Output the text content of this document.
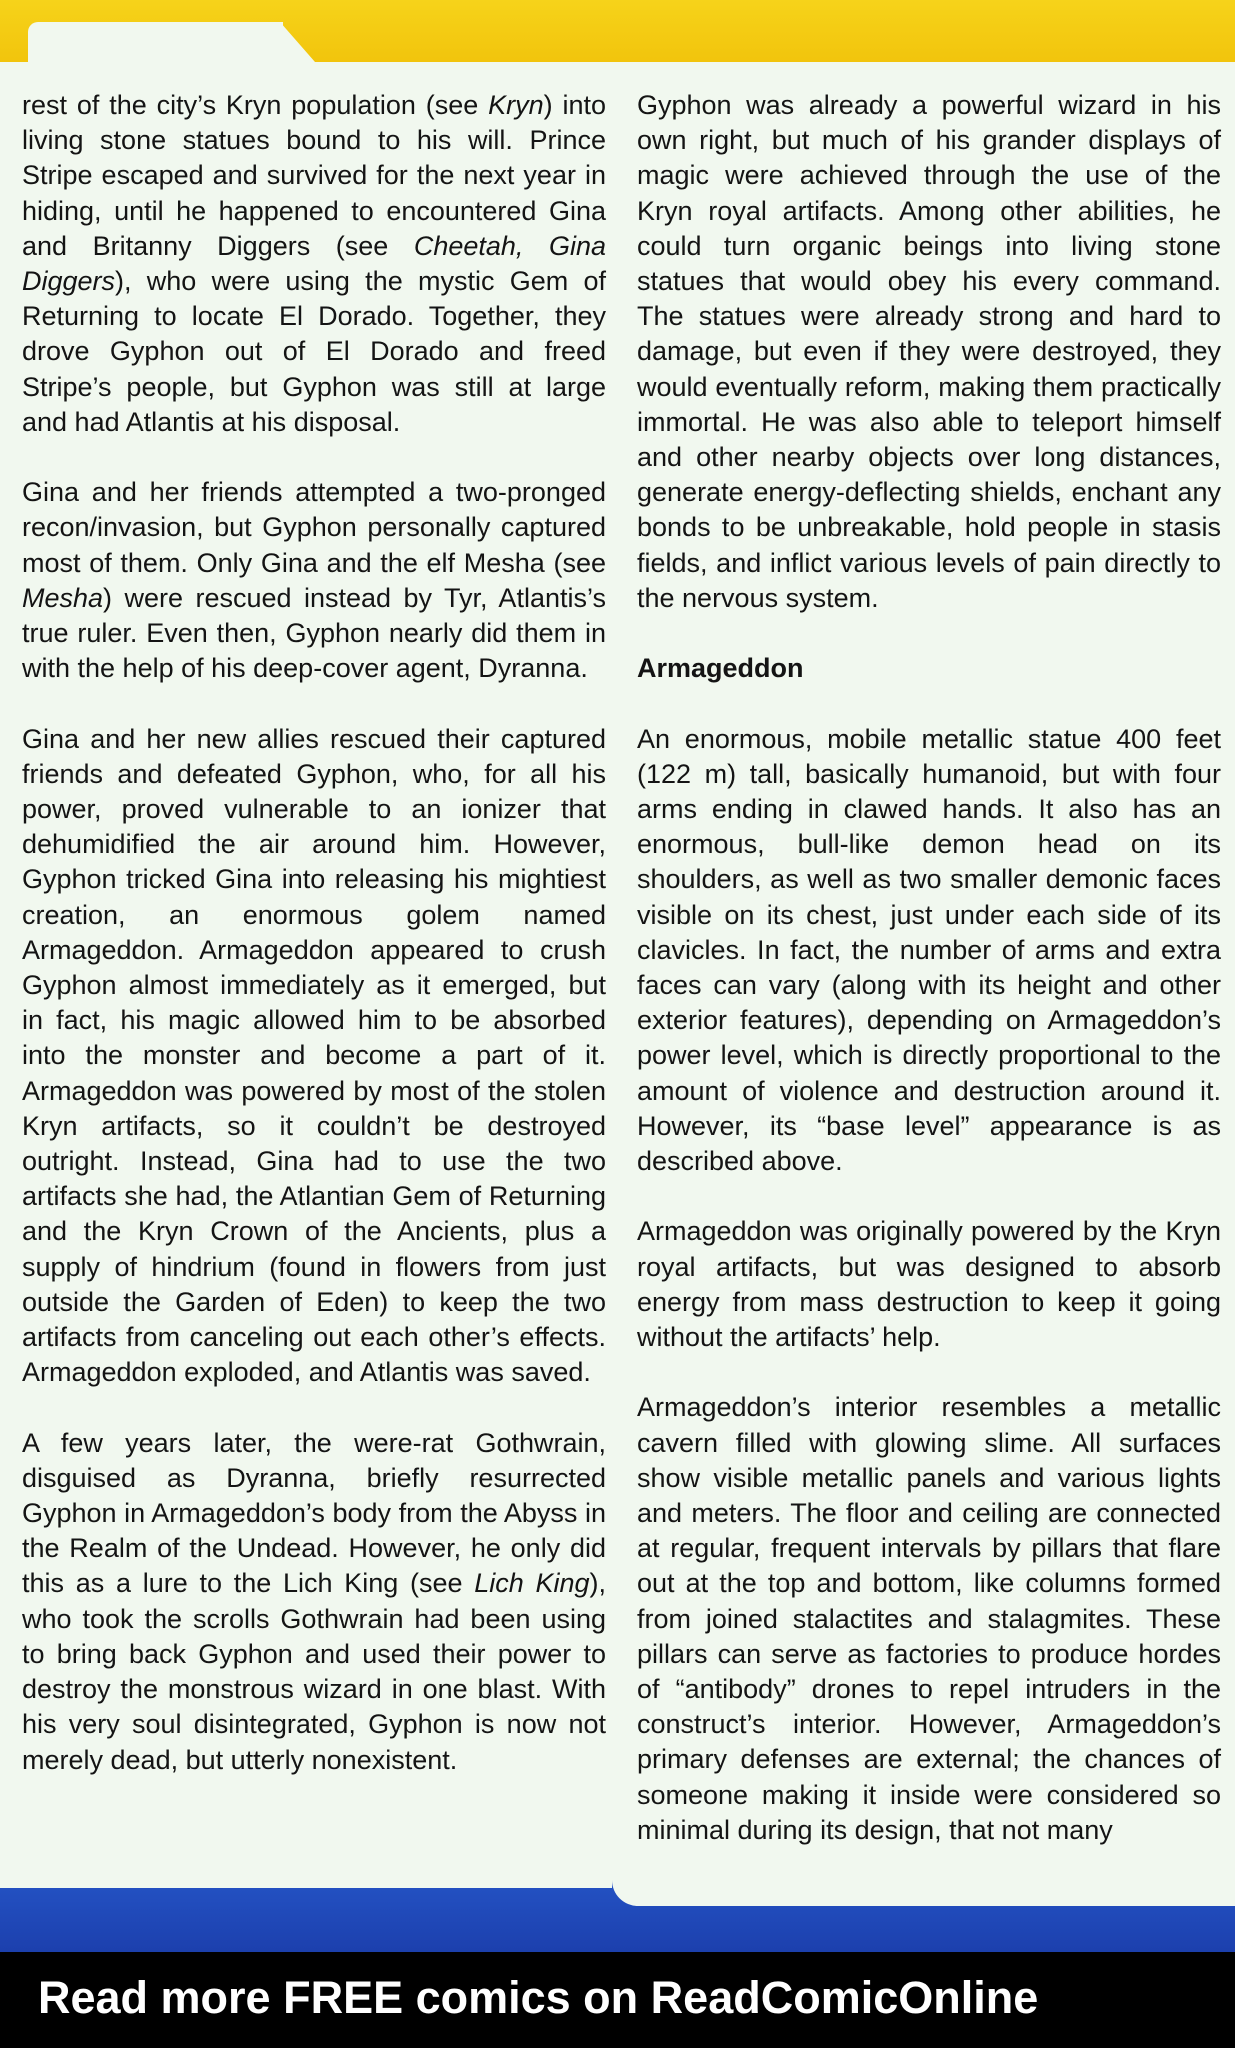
rest of the city’s Kryn population (see Kryn) into living stone statues bound to his will. Prince Stripe escaped and survived for the next year in hiding, until he happened to encountered Gina and Britanny Diggers (see Cheetah, Gina Diggers), who were using the mystic Gem of Returning to locate El Dorado. Together, they drove Gyphon out of El Dorado and freed Stripe’s people, but Gyphon was still at large and had Atlantis at his disposal.

Gina and her friends attempted a two-pronged recon/invasion, but Gyphon personally captured most of them. Only Gina and the elf Mesha (see Mesha) were rescued instead by Tyr, Atlantis’s true ruler. Even then, Gyphon nearly did them in with the help of his deep-cover agent, Dyranna.

Gina and her new allies rescued their captured friends and defeated Gyphon, who, for all his power, proved vulnerable to an ionizer that dehumidified the air around him. However, Gyphon tricked Gina into releasing his mightiest creation, an enormous golem named Armageddon. Armageddon appeared to crush Gyphon almost immediately as it emerged, but in fact, his magic allowed him to be absorbed into the monster and become a part of it. Armageddon was powered by most of the stolen Kryn artifacts, so it couldn’t be destroyed outright. Instead, Gina had to use the two artifacts she had, the Atlantian Gem of Returning and the Kryn Crown of the Ancients, plus a supply of hindrium (found in flowers from just outside the Garden of Eden) to keep the two artifacts from canceling out each other’s effects. Armageddon exploded, and Atlantis was saved.

A few years later, the were-rat Gothwrain, disguised as Dyranna, briefly resurrected Gyphon in Armageddon’s body from the Abyss in the Realm of the Undead. However, he only did this as a lure to the Lich King (see Lich King), who took the scrolls Gothwrain had been using to bring back Gyphon and used their power to destroy the monstrous wizard in one blast. With his very soul disintegrated, Gyphon is now not merely dead, but utterly nonexistent.

Gyphon was already a powerful wizard in his own right, but much of his grander displays of magic were achieved through the use of the Kryn royal artifacts. Among other abilities, he could turn organic beings into living stone statues that would obey his every command. The statues were already strong and hard to damage, but even if they were destroyed, they would eventually reform, making them practically immortal. He was also able to teleport himself and other nearby objects over long distances, generate energy-deflecting shields, enchant any bonds to be unbreakable, hold people in stasis fields, and inflict various levels of pain directly to the nervous system.

Armageddon

An enormous, mobile metallic statue 400 feet (122 m) tall, basically humanoid, but with four arms ending in clawed hands. It also has an enormous, bull-like demon head on its shoulders, as well as two smaller demonic faces visible on its chest, just under each side of its clavicles. In fact, the number of arms and extra faces can vary (along with its height and other exterior features), depending on Armageddon’s power level, which is directly proportional to the amount of violence and destruction around it. However, its “base level” appearance is as described above.

Armageddon was originally powered by the Kryn royal artifacts, but was designed to absorb energy from mass destruction to keep it going without the artifacts’ help.

Armageddon’s interior resembles a metallic cavern filled with glowing slime. All surfaces show visible metallic panels and various lights and meters. The floor and ceiling are connected at regular, frequent intervals by pillars that flare out at the top and bottom, like columns formed from joined stalactites and stalagmites. These pillars can serve as factories to produce hordes of “antibody” drones to repel intruders in the construct’s interior. However, Armageddon’s primary defenses are external; the chances of someone making it inside were considered so minimal during its design, that not many

Read more FREE comics on ReadComicOnline
